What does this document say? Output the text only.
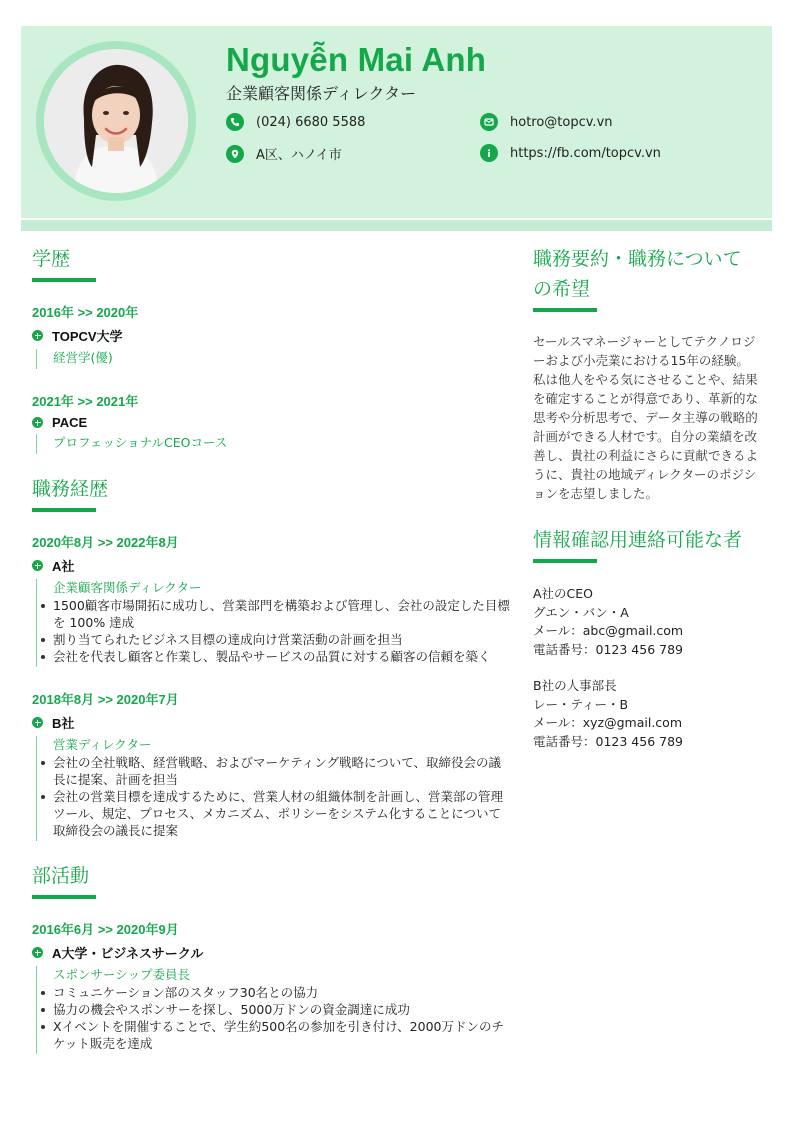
Nguyễn Mai Anh
企業顧客関係ディレクター
(024) 6680 5588	hotro@topcv.vn
A区、ハノイ市	https://fb.com/topcv.vn
学歴
2016年 >> 2020年
TOPCV大学
経営学(優)
2021年 >> 2021年
PACE
プロフェッショナルCEOコース
職務経歴
2020年8月 >> 2022年8月
A社
企業顧客関係ディレクター
1500顧客市場開拓に成功し、営業部門を構築および管理し、会社の設定した目標を 100% 達成
割り当てられたビジネス目標の達成向け営業活動の計画を担当
会社を代表し顧客と作業し、製品やサービスの品質に対する顧客の信頼を築く
2018年8月 >> 2020年7月
B社
営業ディレクター
会社の全社戦略、経営戦略、およびマーケティング戦略について、取締役会の議長に提案、計画を担当
会社の営業目標を達成するために、営業人材の組織体制を計画し、営業部の管理ツール、規定、プロセス、メカニズム、ポリシーをシステム化することについて取締役会の議長に提案
部活動
2016年6月 >> 2020年9月
A大学・ビジネスサークル
スポンサーシップ委員長
コミュニケーション部のスタッフ30名との協力
協力の機会やスポンサーを探し、5000万ドンの資金調達に成功
Xイベントを開催することで、学生約500名の参加を引き付け、2000万ドンのチケット販売を達成
職務要約・職務についての希望
セールスマネージャーとしてテクノロジーおよび小売業における15年の経験。私は他人をやる気にさせることや、結果を確定することが得意であり、革新的な思考や分析思考で、データ主導の戦略的計画ができる人材です。自分の業績を改善し、貴社の利益にさらに貢献できるように、貴社の地域ディレクターのポジションを志望しました。
情報確認用連絡可能な者
A社のCEO
グエン・バン・A
メール：abc@gmail.com
電話番号：0123 456 789
B社の人事部長
レー・ティー・B
メール：xyz@gmail.com
電話番号：0123 456 789
